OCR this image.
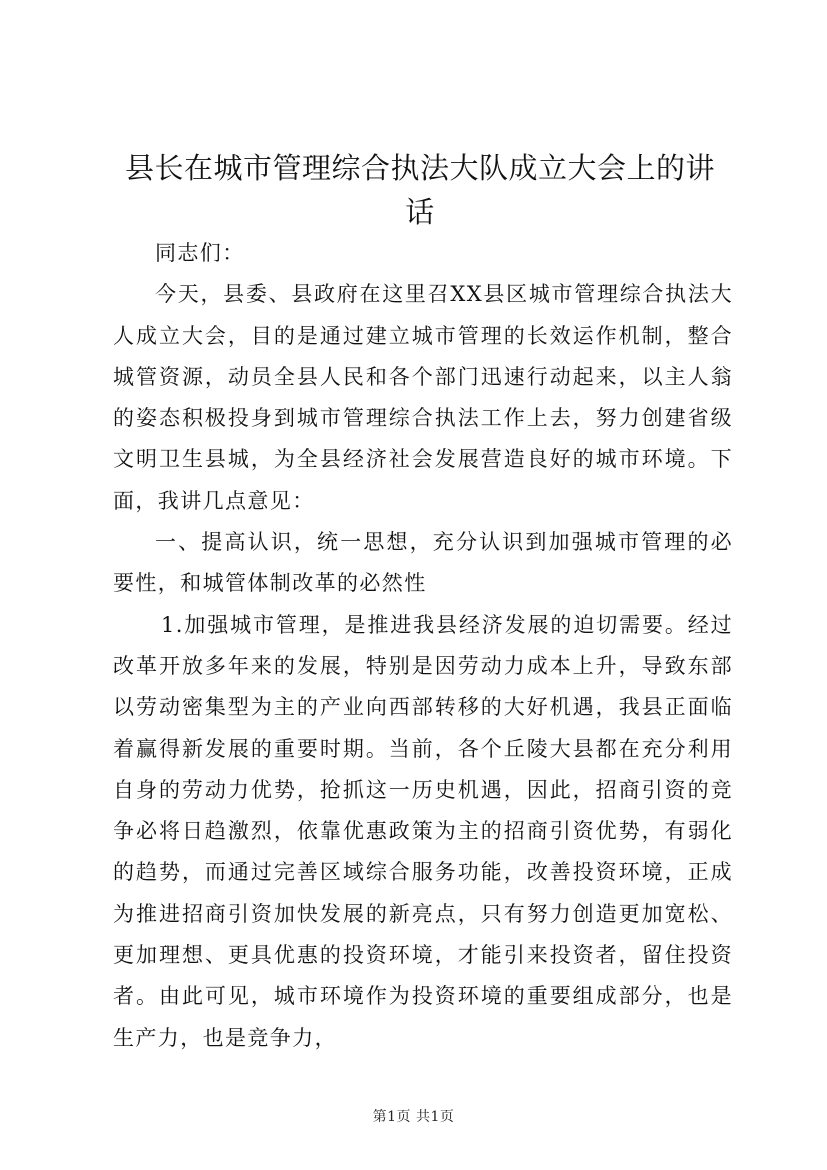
县长在城市管理综合执法大队成立大会上的讲
话

同志们：

今天，县委、县政府在这里召XX县区城市管理综合执法大人成立大会，目的是通过建立城市管理的长效运作机制，整合城管资源，动员全县人民和各个部门迅速行动起来，以主人翁的姿态积极投身到城市管理综合执法工作上去，努力创建省级文明卫生县城，为全县经济社会发展营造良好的城市环境。下面，我讲几点意见：

一、提高认识，统一思想，充分认识到加强城市管理的必要性，和城管体制改革的必然性

1.加强城市管理，是推进我县经济发展的迫切需要。经过改革开放多年来的发展，特别是因劳动力成本上升，导致东部以劳动密集型为主的产业向西部转移的大好机遇，我县正面临着赢得新发展的重要时期。当前，各个丘陵大县都在充分利用自身的劳动力优势，抢抓这一历史机遇，因此，招商引资的竞争必将日趋激烈，依靠优惠政策为主的招商引资优势，有弱化的趋势，而通过完善区域综合服务功能，改善投资环境，正成为推进招商引资加快发展的新亮点，只有努力创造更加宽松、更加理想、更具优惠的投资环境，才能引来投资者，留住投资者。由此可见，城市环境作为投资环境的重要组成部分，也是生产力，也是竞争力，

第1页 共1页
